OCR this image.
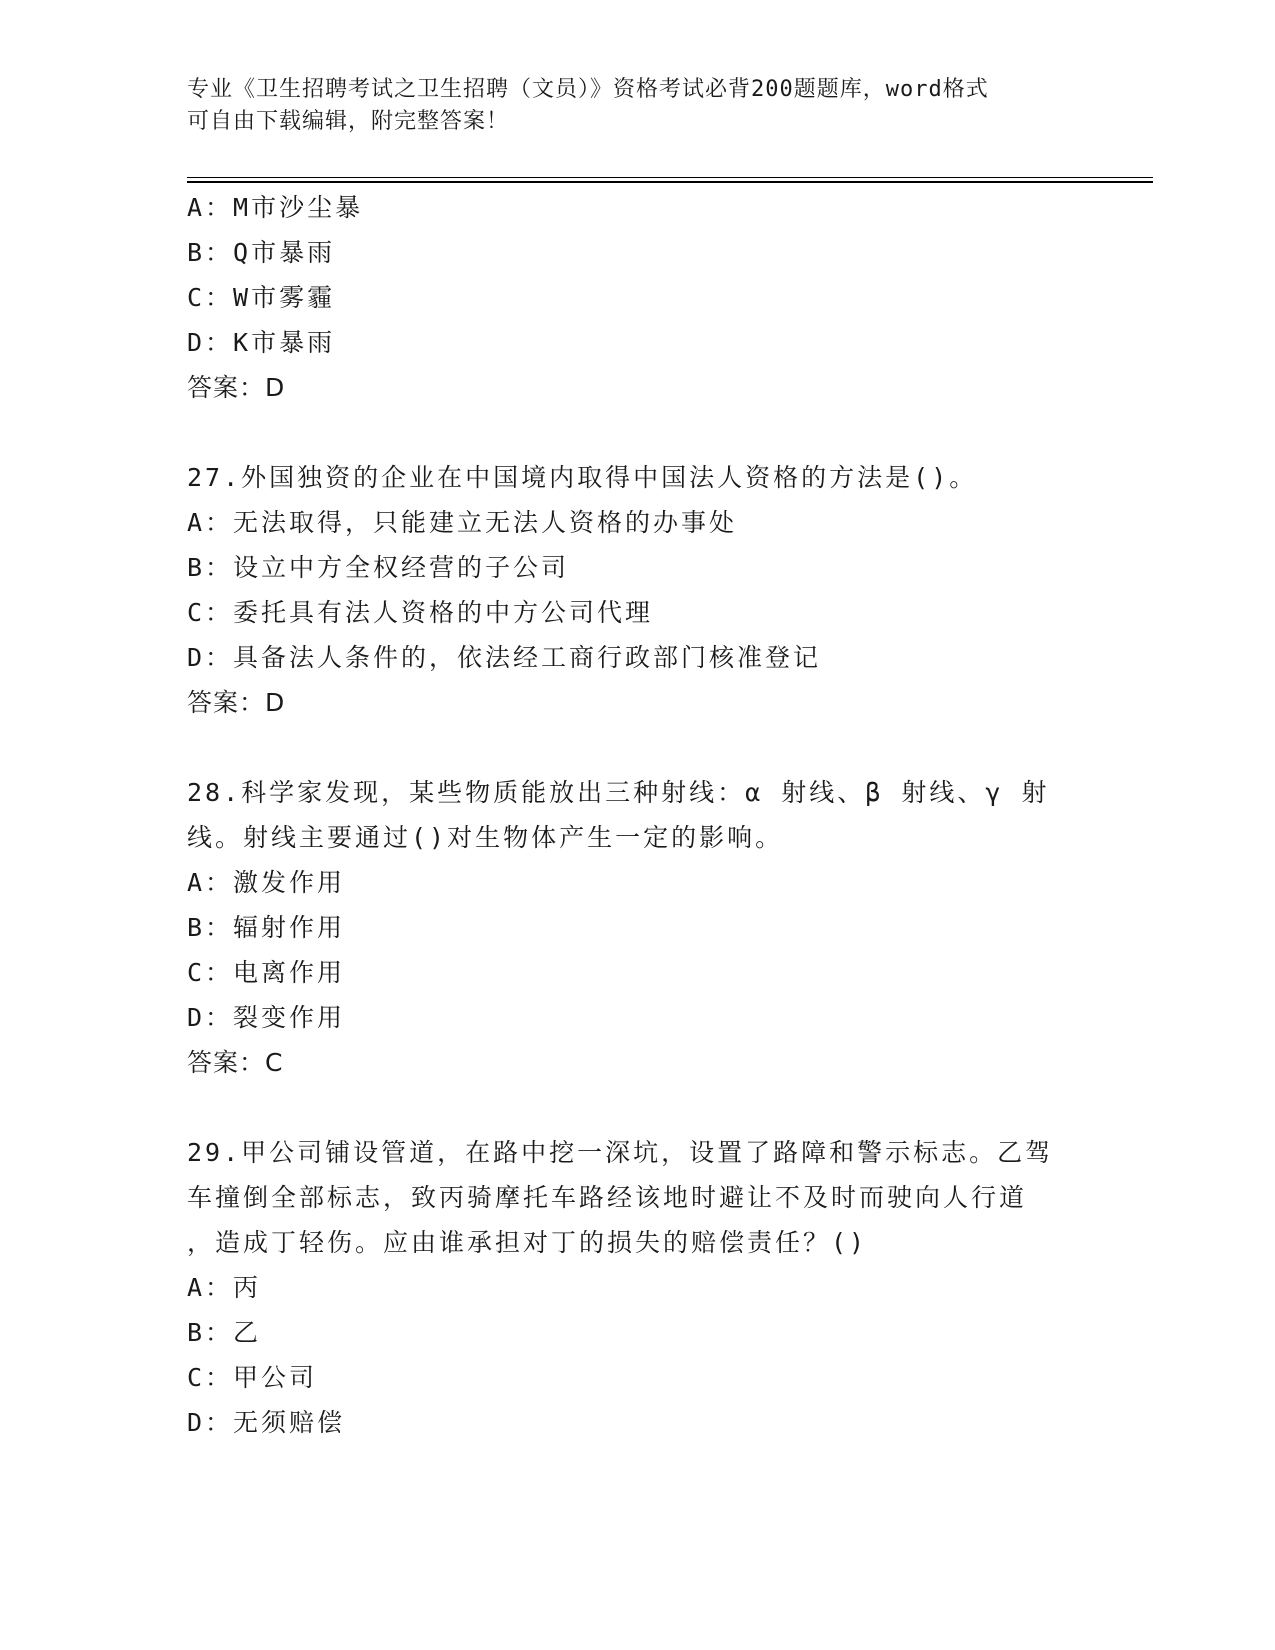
专业《卫生招聘考试之卫生招聘（文员）》资格考试必背200题题库，word格式
可自由下载编辑，附完整答案！
A：M市沙尘暴
B：Q市暴雨
C：W市雾霾
D：K市暴雨
答案：D
27.外国独资的企业在中国境内取得中国法人资格的方法是()。
A：无法取得，只能建立无法人资格的办事处
B：设立中方全权经营的子公司
C：委托具有法人资格的中方公司代理
D：具备法人条件的，依法经工商行政部门核准登记
答案：D
28.科学家发现，某些物质能放出三种射线：α 射线、β 射线、γ 射
线。射线主要通过()对生物体产生一定的影响。
A：激发作用
B：辐射作用
C：电离作用
D：裂变作用
答案：C
29.甲公司铺设管道，在路中挖一深坑，设置了路障和警示标志。乙驾
车撞倒全部标志，致丙骑摩托车路经该地时避让不及时而驶向人行道
，造成丁轻伤。应由谁承担对丁的损失的赔偿责任？()
A：丙
B：乙
C：甲公司
D：无须赔偿
